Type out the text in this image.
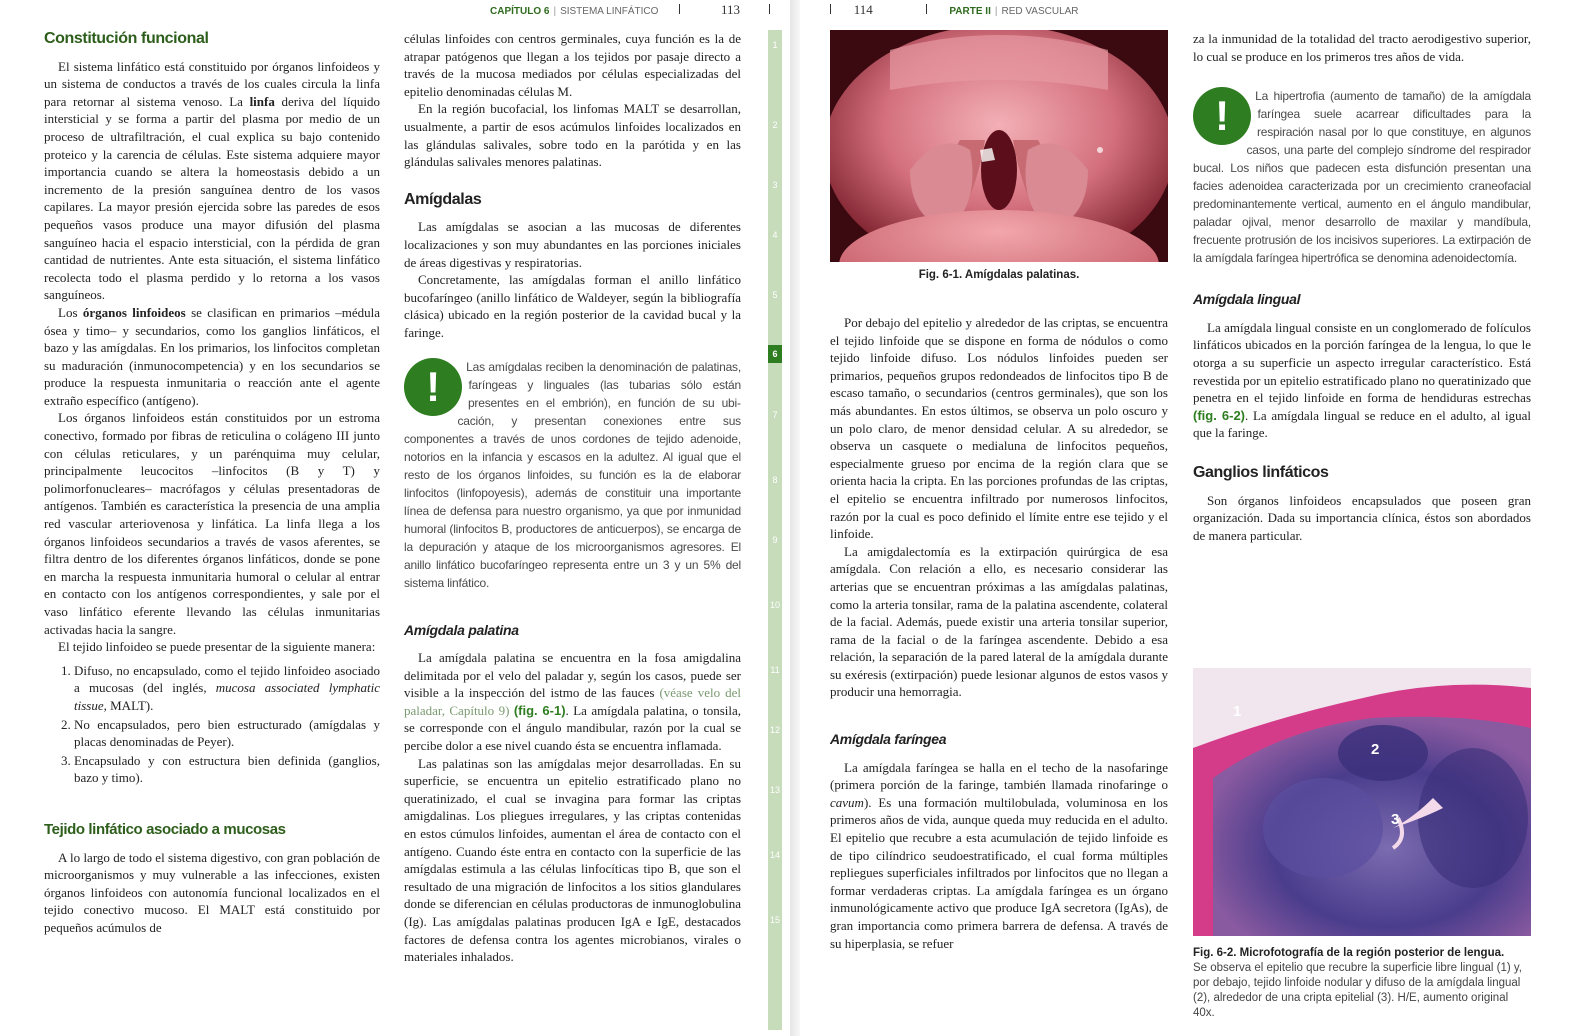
CAPÍTULO 6 | SISTEMA LINFÁTICO	113
1
2
3
4
5
6
7
8
9
10
11
12
13
14
15
Constitución funcional

El sistema linfático está constituido por órganos linfoideos y un sistema de conductos a través de los cuales circula la linfa para retornar al sistema venoso. La linfa deriva del líquido intersticial y se forma a partir del plasma por medio de un proceso de ultrafiltración, el cual explica su bajo contenido proteico y la carencia de células. Este sistema adquiere mayor importancia cuando se altera la homeostasis debido a un incremento de la presión sanguínea dentro de los vasos capilares. La mayor presión ejercida sobre las paredes de esos pequeños vasos produce una mayor difusión del plasma sanguíneo hacia el espacio intersticial, con la pérdida de gran cantidad de nutrientes. Ante esta situación, el sistema linfático recolecta todo el plasma perdido y lo retorna a los vasos sanguíneos.

Los órganos linfoideos se clasifican en primarios –médula ósea y timo– y secundarios, como los ganglios linfáticos, el bazo y las amígdalas. En los primarios, los linfocitos completan su maduración (inmunocompetencia) y en los secundarios se produce la respuesta inmunitaria o reacción ante el agente extraño específico (antígeno).

Los órganos linfoideos están constituidos por un estroma conectivo, formado por fibras de reticulina o colágeno III junto con células reticulares, y un parénquima muy celular, principalmente leucocitos –linfocitos (B y T) y polimorfonucleares– macrófagos y células presentadoras de antígenos. También es característica la presencia de una amplia red vascular arteriovenosa y linfática. La linfa llega a los órganos linfoideos secundarios a través de vasos aferentes, se filtra dentro de los diferentes órganos linfáticos, donde se pone en marcha la respuesta inmunitaria humoral o celular al entrar en contacto con los antígenos correspondientes, y sale por el vaso linfático eferente llevando las células inmunitarias activadas hacia la sangre.

El tejido linfoideo se puede presentar de la siguiente manera:

1. Difuso, no encapsulado, como el tejido linfoideo asociado a mucosas (del inglés, mucosa associated lymphatic tissue, MALT).
2. No encapsulados, pero bien estructurado (amígdalas y placas denominadas de Peyer).
3. Encapsulado y con estructura bien definida (ganglios, bazo y timo).
Tejido linfático asociado a mucosas

A lo largo de todo el sistema digestivo, con gran población de microorganismos y muy vulnerable a las infecciones, existen órganos linfoideos con autonomía funcional localizados en el tejido conectivo mucoso. El MALT está constituido por pequeños acúmulos de

células linfoides con centros germinales, cuya función es la de atrapar patógenos que llegan a los tejidos por pasaje directo a través de la mucosa mediados por células especializadas del epitelio denominadas células M.

En la región bucofacial, los linfomas MALT se desarrollan, usualmente, a partir de esos acúmulos linfoides localizados en las glándulas salivales, sobre todo en la parótida y en las glándulas salivales menores palatinas.

Amígdalas

Las amígdalas se asocian a las mucosas de diferentes localizaciones y son muy abundantes en las porciones iniciales de áreas digestivas y respiratorias.

Concretamente, las amígdalas forman el anillo linfático bucofaríngeo (anillo linfático de Waldeyer, según la bibliografía clásica) ubicado en la región posterior de la cavidad bucal y la faringe.

! Las amígdalas reciben la denominación de palatinas, faríngeas y linguales (las tubarias sólo están presentes en el embrión), en función de su ubicación, y presentan conexiones entre sus componentes a través de unos cordones de tejido adenoide, notorios en la infancia y escasos en la adultez. Al igual que el resto de los órganos linfoides, su función es la de elaborar linfocitos (linfopoyesis), además de constituir una importante línea de defensa para nuestro organismo, ya que por inmunidad humoral (linfocitos B, productores de anticuerpos), se encarga de la depuración y ataque de los microorganismos agresores. El anillo linfático bucofaríngeo representa entre un 3 y un 5% del sistema linfático.
Amígdala palatina

La amígdala palatina se encuentra en la fosa amigdalina delimitada por el velo del paladar y, según los casos, puede ser visible a la inspección del istmo de las fauces (véase velo del paladar, Capítulo 9) (fig. 6-1). La amígdala palatina, o tonsila, se corresponde con el ángulo mandibular, razón por la cual se percibe dolor a ese nivel cuando ésta se encuentra inflamada.

Las palatinas son las amígdalas mejor desarrolladas. En su superficie, se encuentra un epitelio estratificado plano no queratinizado, el cual se invagina para formar las criptas amigdalinas. Los pliegues irregulares, y las criptas contenidas en estos cúmulos linfoides, aumentan el área de contacto con el antígeno. Cuando éste entra en contacto con la superficie de las amígdalas estimula a las células linfocíticas tipo B, que son el resultado de una migración de linfocitos a los sitios glandulares donde se diferencian en células productoras de inmunoglobulina (Ig). Las amígdalas palatinas producen IgA e IgE, destacados factores de defensa contra los agentes microbianos, virales o materiales inhalados.

114	PARTE II | RED VASCULAR
Fig. 6-1. Amígdalas palatinas.

Por debajo del epitelio y alrededor de las criptas, se encuentra el tejido linfoide que se dispone en forma de nódulos o como tejido linfoide difuso. Los nódulos linfoides pueden ser primarios, pequeños grupos redondeados de linfocitos tipo B de escaso tamaño, o secundarios (centros germinales), que son los más abundantes. En estos últimos, se observa un polo oscuro y un polo claro, de menor densidad celular. A su alrededor, se observa un casquete o medialuna de linfocitos pequeños, especialmente grueso por encima de la región clara que se orienta hacia la cripta. En las porciones profundas de las criptas, el epitelio se encuentra infiltrado por numerosos linfocitos, razón por la cual es poco definido el límite entre ese tejido y el linfoide.

La amigdalectomía es la extirpación quirúrgica de esa amígdala. Con relación a ello, es necesario considerar las arterias que se encuentran próximas a las amígdalas palatinas, como la arteria tonsilar, rama de la palatina ascendente, colateral de la facial. Además, puede existir una arteria tonsilar superior, rama de la facial o de la faríngea ascendente. Debido a esa relación, la separación de la pared lateral de la amígdala durante su exéresis (extirpación) puede lesionar algunos de estos vasos y producir una hemorragia.

Amígdala faríngea

La amígdala faríngea se halla en el techo de la nasofaringe (primera porción de la faringe, también llamada rinofaringe o cavum). Es una formación multilobulada, voluminosa en los primeros años de vida, aunque queda muy reducida en el adulto. El epitelio que recubre a esta acumulación de tejido linfoide es de tipo cilíndrico seudoestratificado, el cual forma múltiples repliegues superficiales infiltrados por linfocitos que no llegan a formar verdaderas criptas. La amígdala faríngea es un órgano inmunológicamente activo que produce IgA secretora (IgAs), de gran importancia como primera barrera de defensa. A través de su hiperplasia, se refuer

za la inmunidad de la totalidad del tracto aerodigestivo superior, lo cual se produce en los primeros tres años de vida.

! La hipertrofia (aumento de tamaño) de la amígdala faríngea suele acarrear dificultades para la respiración nasal por lo que constituye, en algunos casos, una parte del complejo síndrome del respirador bucal. Los niños que padecen esta disfunción presentan una facies adenoidea caracterizada por un crecimiento craneofacial predominantemente vertical, aumento en el ángulo mandibular, paladar ojival, menor desarrollo de maxilar y mandíbula, frecuente protrusión de los incisivos superiores. La extirpación de la amígdala faríngea hipertrófica se denomina adenoidectomía.
Amígdala lingual

La amígdala lingual consiste en un conglomerado de folículos linfáticos ubicados en la porción faríngea de la lengua, lo que le otorga a su superficie un aspecto irregular característico. Está revestida por un epitelio estratificado plano no queratinizado que penetra en el tejido linfoide en forma de hendiduras estrechas (fig. 6-2). La amígdala lingual se reduce en el adulto, al igual que la faringe.

Ganglios linfáticos

Son órganos linfoideos encapsulados que poseen gran organización. Dada su importancia clínica, éstos son abordados de manera particular.

1
2
3
Fig. 6-2. Microfotografía de la región posterior de lengua.
Se observa el epitelio que recubre la superficie libre lingual (1) y, por debajo, tejido linfoide nodular y difuso de la amígdala lingual (2), alrededor de una cripta epitelial (3). H/E, aumento original 40x.
